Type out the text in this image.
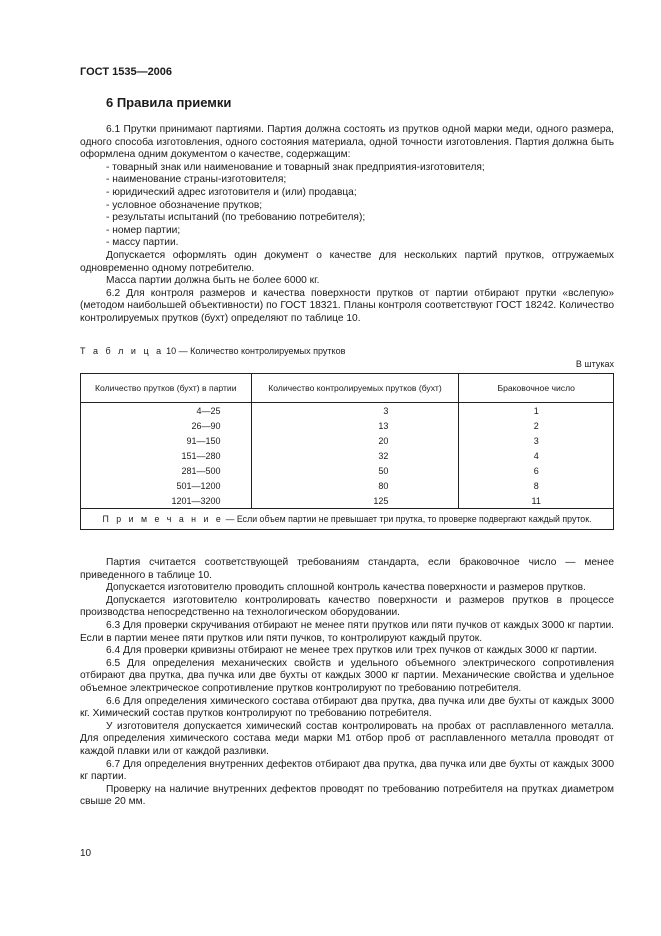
ГОСТ 1535—2006
6 Правила приемки

6.1 Прутки принимают партиями. Партия должна состоять из прутков одной марки меди, одного размера, одного способа изготовления, одного состояния материала, одной точности изготовления. Партия должна быть оформлена одним документом о качестве, содержащим:

- товарный знак или наименование и товарный знак предприятия-изготовителя;

- наименование страны-изготовителя;

- юридический адрес изготовителя и (или) продавца;

- условное обозначение прутков;

- результаты испытаний (по требованию потребителя);

- номер партии;

- массу партии.

Допускается оформлять один документ о качестве для нескольких партий прутков, отгружаемых одновременно одному потребителю.

Масса партии должна быть не более 6000 кг.

6.2 Для контроля размеров и качества поверхности прутков от партии отбирают прутки «вслепую» (методом наибольшей объективности) по ГОСТ 18321. Планы контроля соответствуют ГОСТ 18242. Количество контролируемых прутков (бухт) определяют по таблице 10.

Т а б л и ц а 10 — Количество контролируемых прутков
В штуках
Количество прутков (бухт) в партии	Количество контролируемых прутков (бухт)	Браковочное число
4—25	3	1
26—90	13	2
91—150	20	3
151—280	32	4
281—500	50	6
501—1200	80	8
1201—3200	125	11
П р и м е ч а н и е — Если объем партии не превышает три прутка, то проверке подвергают каждый пруток.		

Партия считается соответствующей требованиям стандарта, если браковочное число — менее приведенного в таблице 10.

Допускается изготовителю проводить сплошной контроль качества поверхности и размеров прутков.

Допускается изготовителю контролировать качество поверхности и размеров прутков в процессе производства непосредственно на технологическом оборудовании.

6.3 Для проверки скручивания отбирают не менее пяти прутков или пяти пучков от каждых 3000 кг партии. Если в партии менее пяти прутков или пяти пучков, то контролируют каждый пруток.

6.4 Для проверки кривизны отбирают не менее трех прутков или трех пучков от каждых 3000 кг партии.

6.5 Для определения механических свойств и удельного объемного электрического сопротивления отбирают два прутка, два пучка или две бухты от каждых 3000 кг партии. Механические свойства и удельное объемное электрическое сопротивление прутков контролируют по требованию потребителя.

6.6 Для определения химического состава отбирают два прутка, два пучка или две бухты от каждых 3000 кг. Химический состав прутков контролируют по требованию потребителя.

У изготовителя допускается химический состав контролировать на пробах от расплавленного металла. Для определения химического состава меди марки М1 отбор проб от расплавленного металла проводят от каждой плавки или от каждой разливки.

6.7 Для определения внутренних дефектов отбирают два прутка, два пучка или две бухты от каждых 3000 кг партии.

Проверку на наличие внутренних дефектов проводят по требованию потребителя на прутках диаметром свыше 20 мм.

10
